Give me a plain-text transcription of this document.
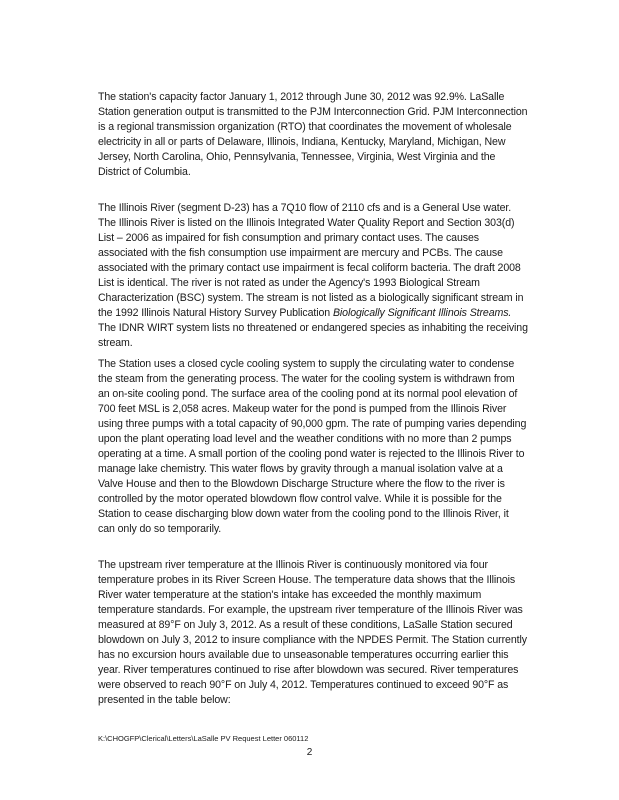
The station's capacity factor January 1, 2012 through June 30, 2012 was 92.9%. LaSalle Station generation output is transmitted to the PJM Interconnection Grid. PJM Interconnection is a regional transmission organization (RTO) that coordinates the movement of wholesale electricity in all or parts of Delaware, Illinois, Indiana, Kentucky, Maryland, Michigan, New Jersey, North Carolina, Ohio, Pennsylvania, Tennessee, Virginia, West Virginia and the District of Columbia.

The Illinois River (segment D-23) has a 7Q10 flow of 2110 cfs and is a General Use water. The Illinois River is listed on the Illinois Integrated Water Quality Report and Section 303(d) List – 2006 as impaired for fish consumption and primary contact uses. The causes associated with the fish consumption use impairment are mercury and PCBs. The cause associated with the primary contact use impairment is fecal coliform bacteria. The draft 2008 List is identical. The river is not rated as under the Agency's 1993 Biological Stream Characterization (BSC) system. The stream is not listed as a biologically significant stream in the 1992 Illinois Natural History Survey Publication Biologically Significant Illinois Streams. The IDNR WIRT system lists no threatened or endangered species as inhabiting the receiving stream.

The Station uses a closed cycle cooling system to supply the circulating water to condense the steam from the generating process. The water for the cooling system is withdrawn from an on-site cooling pond. The surface area of the cooling pond at its normal pool elevation of 700 feet MSL is 2,058 acres. Makeup water for the pond is pumped from the Illinois River using three pumps with a total capacity of 90,000 gpm. The rate of pumping varies depending upon the plant operating load level and the weather conditions with no more than 2 pumps operating at a time. A small portion of the cooling pond water is rejected to the Illinois River to manage lake chemistry. This water flows by gravity through a manual isolation valve at a Valve House and then to the Blowdown Discharge Structure where the flow to the river is controlled by the motor operated blowdown flow control valve. While it is possible for the Station to cease discharging blow down water from the cooling pond to the Illinois River, it can only do so temporarily.

The upstream river temperature at the Illinois River is continuously monitored via four temperature probes in its River Screen House. The temperature data shows that the Illinois River water temperature at the station's intake has exceeded the monthly maximum temperature standards. For example, the upstream river temperature of the Illinois River was measured at 89°F on July 3, 2012. As a result of these conditions, LaSalle Station secured blowdown on July 3, 2012 to insure compliance with the NPDES Permit. The Station currently has no excursion hours available due to unseasonable temperatures occurring earlier this year. River temperatures continued to rise after blowdown was secured. River temperatures were observed to reach 90°F on July 4, 2012. Temperatures continued to exceed 90°F as presented in the table below:

K:\CHOGFP\Clerical\Letters\LaSalle PV Request Letter 060112
2
